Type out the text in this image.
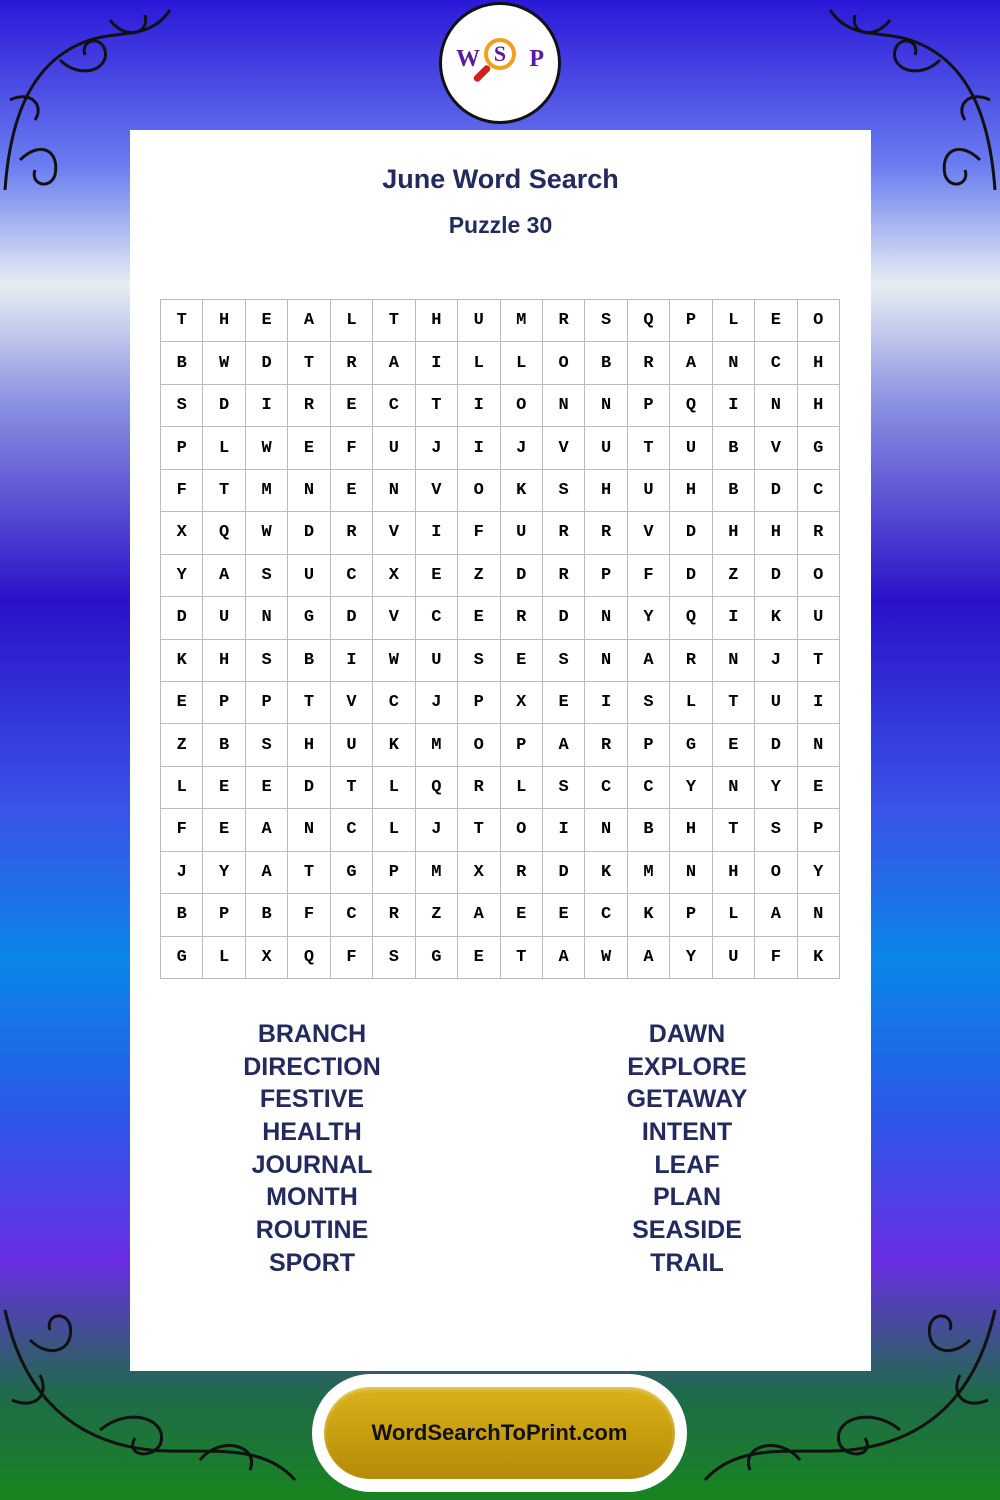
W S P
June Word Search
Puzzle 30
T	H	E	A	L	T	H	U	M	R	S	Q	P	L	E	O
B	W	D	T	R	A	I	L	L	O	B	R	A	N	C	H
S	D	I	R	E	C	T	I	O	N	N	P	Q	I	N	H
P	L	W	E	F	U	J	I	J	V	U	T	U	B	V	G
F	T	M	N	E	N	V	O	K	S	H	U	H	B	D	C
X	Q	W	D	R	V	I	F	U	R	R	V	D	H	H	R
Y	A	S	U	C	X	E	Z	D	R	P	F	D	Z	D	O
D	U	N	G	D	V	C	E	R	D	N	Y	Q	I	K	U
K	H	S	B	I	W	U	S	E	S	N	A	R	N	J	T
E	P	P	T	V	C	J	P	X	E	I	S	L	T	U	I
Z	B	S	H	U	K	M	O	P	A	R	P	G	E	D	N
L	E	E	D	T	L	Q	R	L	S	C	C	Y	N	Y	E
F	E	A	N	C	L	J	T	O	I	N	B	H	T	S	P
J	Y	A	T	G	P	M	X	R	D	K	M	N	H	O	Y
B	P	B	F	C	R	Z	A	E	E	C	K	P	L	A	N
G	L	X	Q	F	S	G	E	T	A	W	A	Y	U	F	K
BRANCH
DIRECTION
FESTIVE
HEALTH
JOURNAL
MONTH
ROUTINE
SPORT
DAWN
EXPLORE
GETAWAY
INTENT
LEAF
PLAN
SEASIDE
TRAIL
WordSearchToPrint.com
